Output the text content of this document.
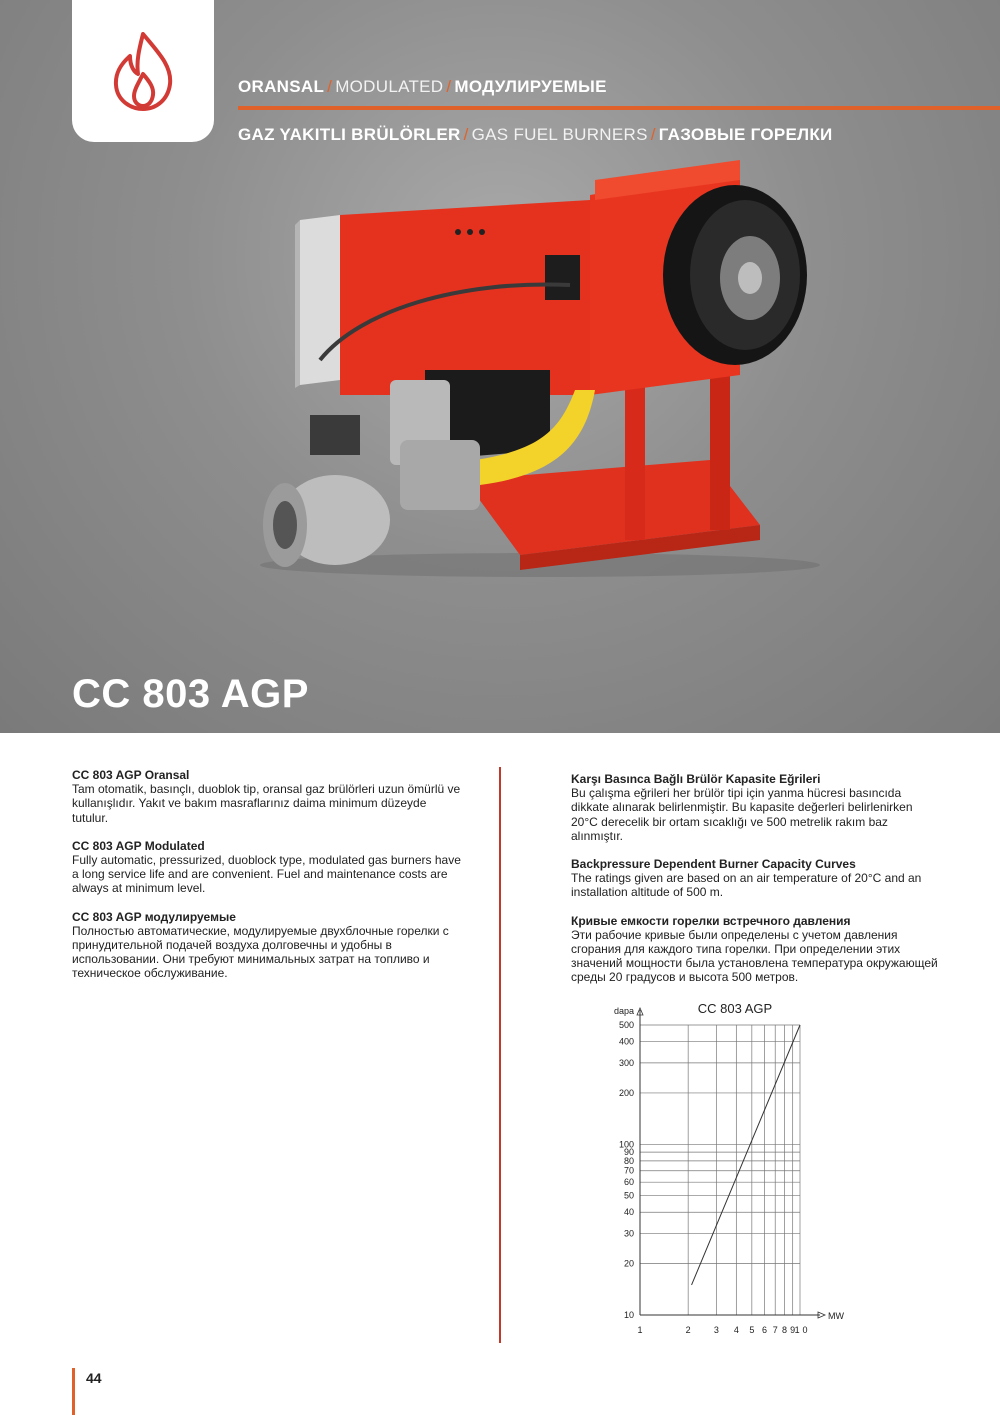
ORANSAL / MODULATED / МОДУЛИРУЕМЫЕ
GAZ YAKITLI BRÜLÖRLER / GAS FUEL BURNERS / ГАЗОВЫЕ ГОРЕЛКИ
CC 803 AGP
CC 803 AGP Oransal

Tam otomatik, basınçlı, duoblok tip, oransal gaz brülörleri uzun ömürlü ve kullanışlıdır. Yakıt ve bakım masraflarınız daima minimum düzeyde tutulur.

CC 803 AGP Modulated

Fully automatic, pressurized, duoblock type, modulated gas burners have a long service life and are convenient. Fuel and maintenance costs are always at minimum level.

CC 803 AGP модулируемые

Полностью автоматические, модулируемые двухблочные горелки с принудительной подачей воздуха долговечны и удобны в использовании. Они требуют минимальных затрат на топливо и техническое обслуживание.

Karşı Basınca Bağlı Brülör Kapasite Eğrileri

Bu çalışma eğrileri her brülör tipi için yanma hücresi basıncıda dikkate alınarak belirlenmiştir. Bu kapasite değerleri belirlenirken 20°C derecelik bir ortam sıcaklığı ve 500 metrelik rakım baz alınmıştır.

Backpressure Dependent Burner Capacity Curves

The ratings given are based on an air temperature of 20°C and an installation altitude of 500 m.

Кривые емкости горелки встречного давления

Эти рабочие кривые были определены с учетом давления сгорания для каждого типа горелки. При определении этих значений мощности была установлена температура окружающей среды 20 градусов и высота 500 метров.

10
20
30
40
50
60
70
80
90
100
200
300
400
500
1	2	3 4 5 6 7 8 9 1 0
dapa
MW
CC 803 AGP
44
